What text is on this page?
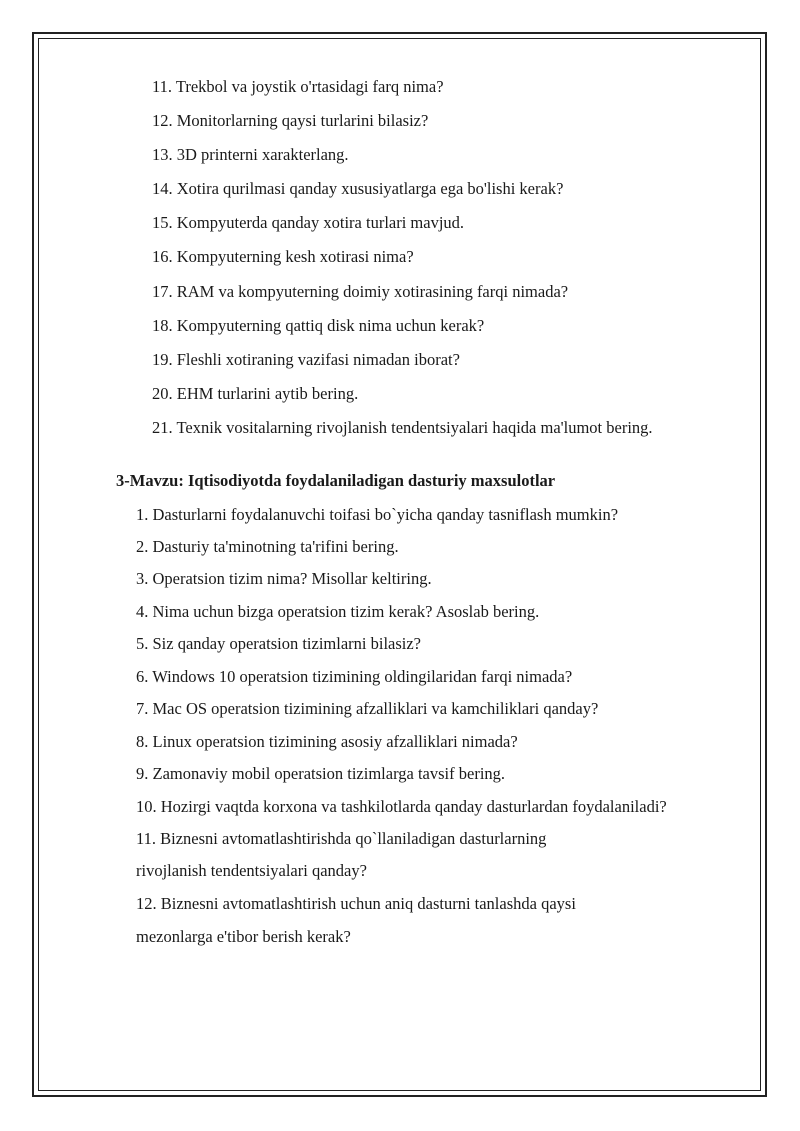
11. Trekbol va joystik o'rtasidagi farq nima?

12. Monitorlarning qaysi turlarini bilasiz?

13. 3D printerni xarakterlang.

14. Xotira qurilmasi qanday xususiyatlarga ega bo'lishi kerak?

15. Kompyuterda qanday xotira turlari mavjud.

16. Kompyuterning kesh xotirasi nima?

17. RAM va kompyuterning doimiy xotirasining farqi nimada?

18. Kompyuterning qattiq disk nima uchun kerak?

19. Fleshli xotiraning vazifasi nimadan iborat?

20. EHM turlarini aytib bering.

21. Texnik vositalarning rivojlanish tendentsiyalari haqida ma'lumot bering.

3-Mavzu: Iqtisodiyotda foydalaniladigan dasturiy maxsulotlar

1. Dasturlarni foydalanuvchi toifasi bo`yicha qanday tasniflash mumkin?

2. Dasturiy ta'minotning ta'rifini bering.

3. Operatsion tizim nima? Misollar keltiring.

4. Nima uchun bizga operatsion tizim kerak? Asoslab bering.

5. Siz qanday operatsion tizimlarni bilasiz?

6. Windows 10 operatsion tizimining oldingilaridan farqi nimada?

7. Mac OS operatsion tizimining afzalliklari va kamchiliklari qanday?

8. Linux operatsion tizimining asosiy afzalliklari nimada?

9. Zamonaviy mobil operatsion tizimlarga tavsif bering.

10. Hozirgi vaqtda korxona va tashkilotlarda qanday dasturlardan foydalaniladi?

11. Biznesni avtomatlashtirishda qo`llaniladigan dasturlarning

rivojlanish tendentsiyalari qanday?

12. Biznesni avtomatlashtirish uchun aniq dasturni tanlashda qaysi

mezonlarga e'tibor berish kerak?
